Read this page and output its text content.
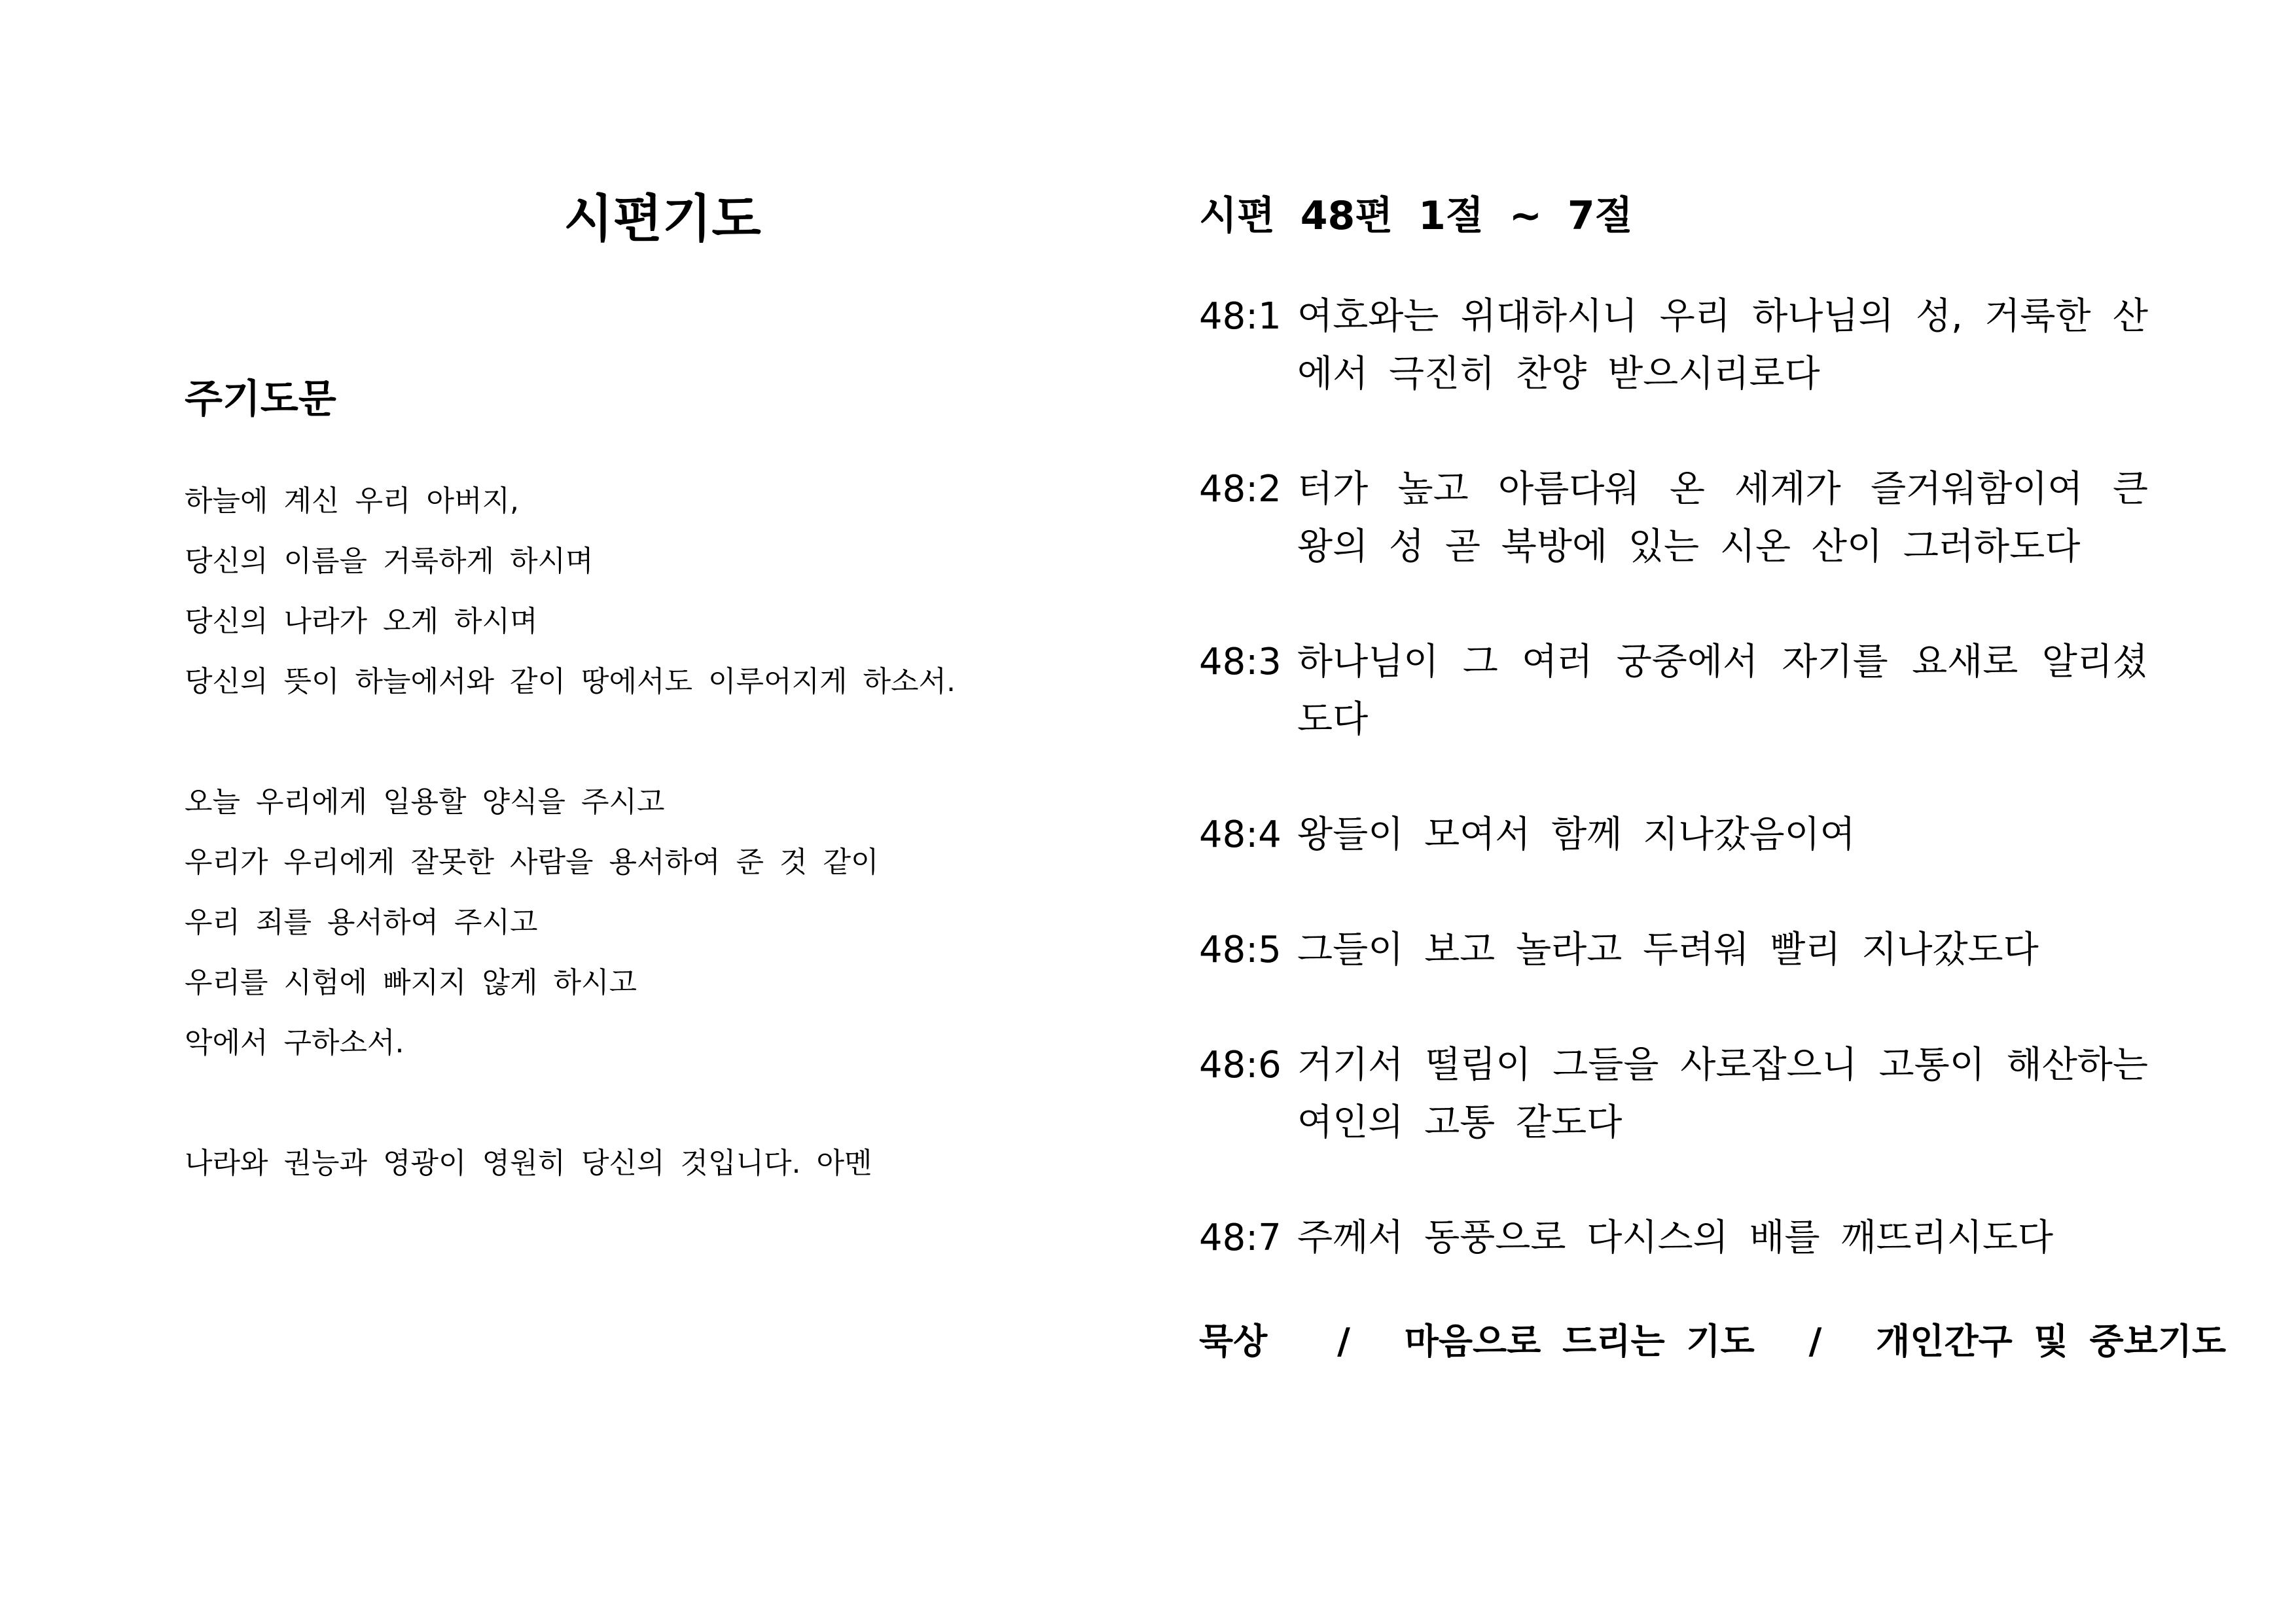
시편기도
주기도문
하늘에 계신 우리 아버지,
당신의 이름을 거룩하게 하시며
당신의 나라가 오게 하시며
당신의 뜻이 하늘에서와 같이 땅에서도 이루어지게 하소서.
오늘 우리에게 일용할 양식을 주시고
우리가 우리에게 잘못한 사람을 용서하여 준 것 같이
우리 죄를 용서하여 주시고
우리를 시험에 빠지지 않게 하시고
악에서 구하소서.
나라와 권능과 영광이 영원히 당신의 것입니다. 아멘
시편 48편 1절 ~ 7절
48:1 여호와는 위대하시니 우리 하나님의 성, 거룩한 산에서 극진히 찬양 받으시리로다
48:2 터가 높고 아름다워 온 세계가 즐거워함이여 큰 왕의 성 곧 북방에 있는 시온 산이 그러하도다
48:3 하나님이 그 여러 궁중에서 자기를 요새로 알리셨도다
48:4 왕들이 모여서 함께 지나갔음이여
48:5 그들이 보고 놀라고 두려워 빨리 지나갔도다
48:6 거기서 떨림이 그들을 사로잡으니 고통이 해산하는 여인의 고통 같도다
48:7 주께서 동풍으로 다시스의 배를 깨뜨리시도다
묵상 / 마음으로 드리는 기도 / 개인간구 및 중보기도
